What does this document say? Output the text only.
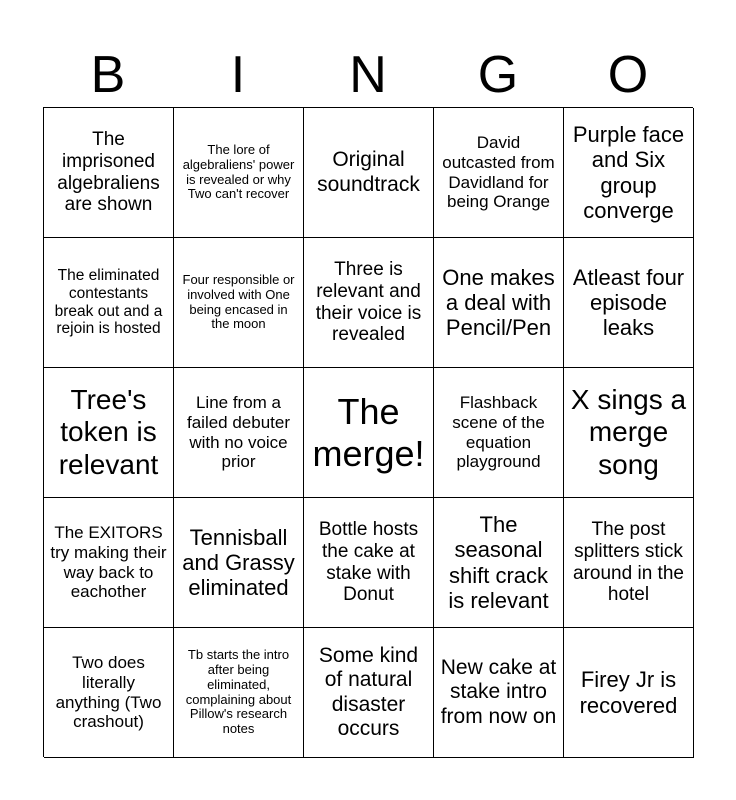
B	I	N	G	O
The imprisoned algebraliens are shown
The lore of algebraliens' power is revealed or why Two can't recover
Original soundtrack
David outcasted from Davidland for being Orange
Purple face and Six group converge
The eliminated contestants break out and a rejoin is hosted
Four responsible or involved with One being encased in the moon
Three is relevant and their voice is revealed
One makes a deal with Pencil/Pen
Atleast four episode leaks
Tree's token is relevant
Line from a failed debuter with no voice prior
The merge!
Flashback scene of the equation playground
X sings a merge song
The EXITORS try making their way back to eachother
Tennisball and Grassy eliminated
Bottle hosts the cake at stake with Donut
The seasonal shift crack is relevant
The post splitters stick around in the hotel
Two does literally anything (Two crashout)
Tb starts the intro after being eliminated, complaining about Pillow's research notes
Some kind of natural disaster occurs
New cake at stake intro from now on
Firey Jr is recovered
